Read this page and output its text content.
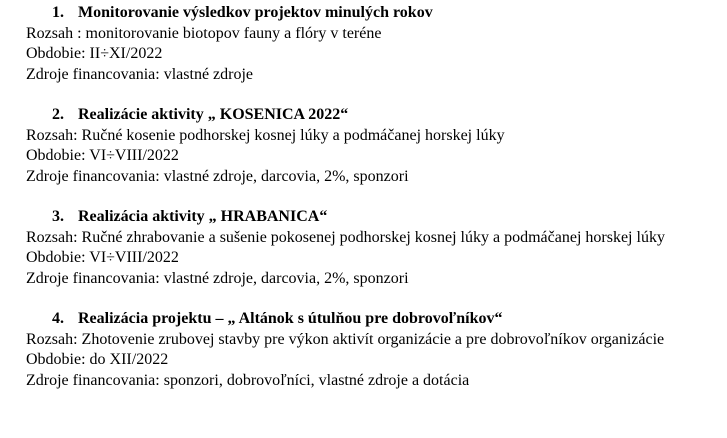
1. Monitorovanie výsledkov projektov minulých rokov

Rozsah : monitorovanie biotopov fauny a flóry v teréne

Obdobie: II÷XI/2022

Zdroje financovania: vlastné zdroje

2. Realizácie aktivity „ KOSENICA 2022“

Rozsah: Ručné kosenie podhorskej kosnej lúky a podmáčanej horskej lúky

Obdobie: VI÷VIII/2022

Zdroje financovania: vlastné zdroje, darcovia, 2%, sponzori

3. Realizácia aktivity „ HRABANICA“

Rozsah: Ručné zhrabovanie a sušenie pokosenej podhorskej kosnej lúky a podmáčanej horskej lúky

Obdobie: VI÷VIII/2022

Zdroje financovania: vlastné zdroje, darcovia, 2%, sponzori

4. Realizácia projektu – „ Altánok s útulňou pre dobrovoľníkov“

Rozsah: Zhotovenie zrubovej stavby pre výkon aktivít organizácie a pre dobrovoľníkov organizácie

Obdobie: do XII/2022

Zdroje financovania: sponzori, dobrovoľníci, vlastné zdroje a dotácia
